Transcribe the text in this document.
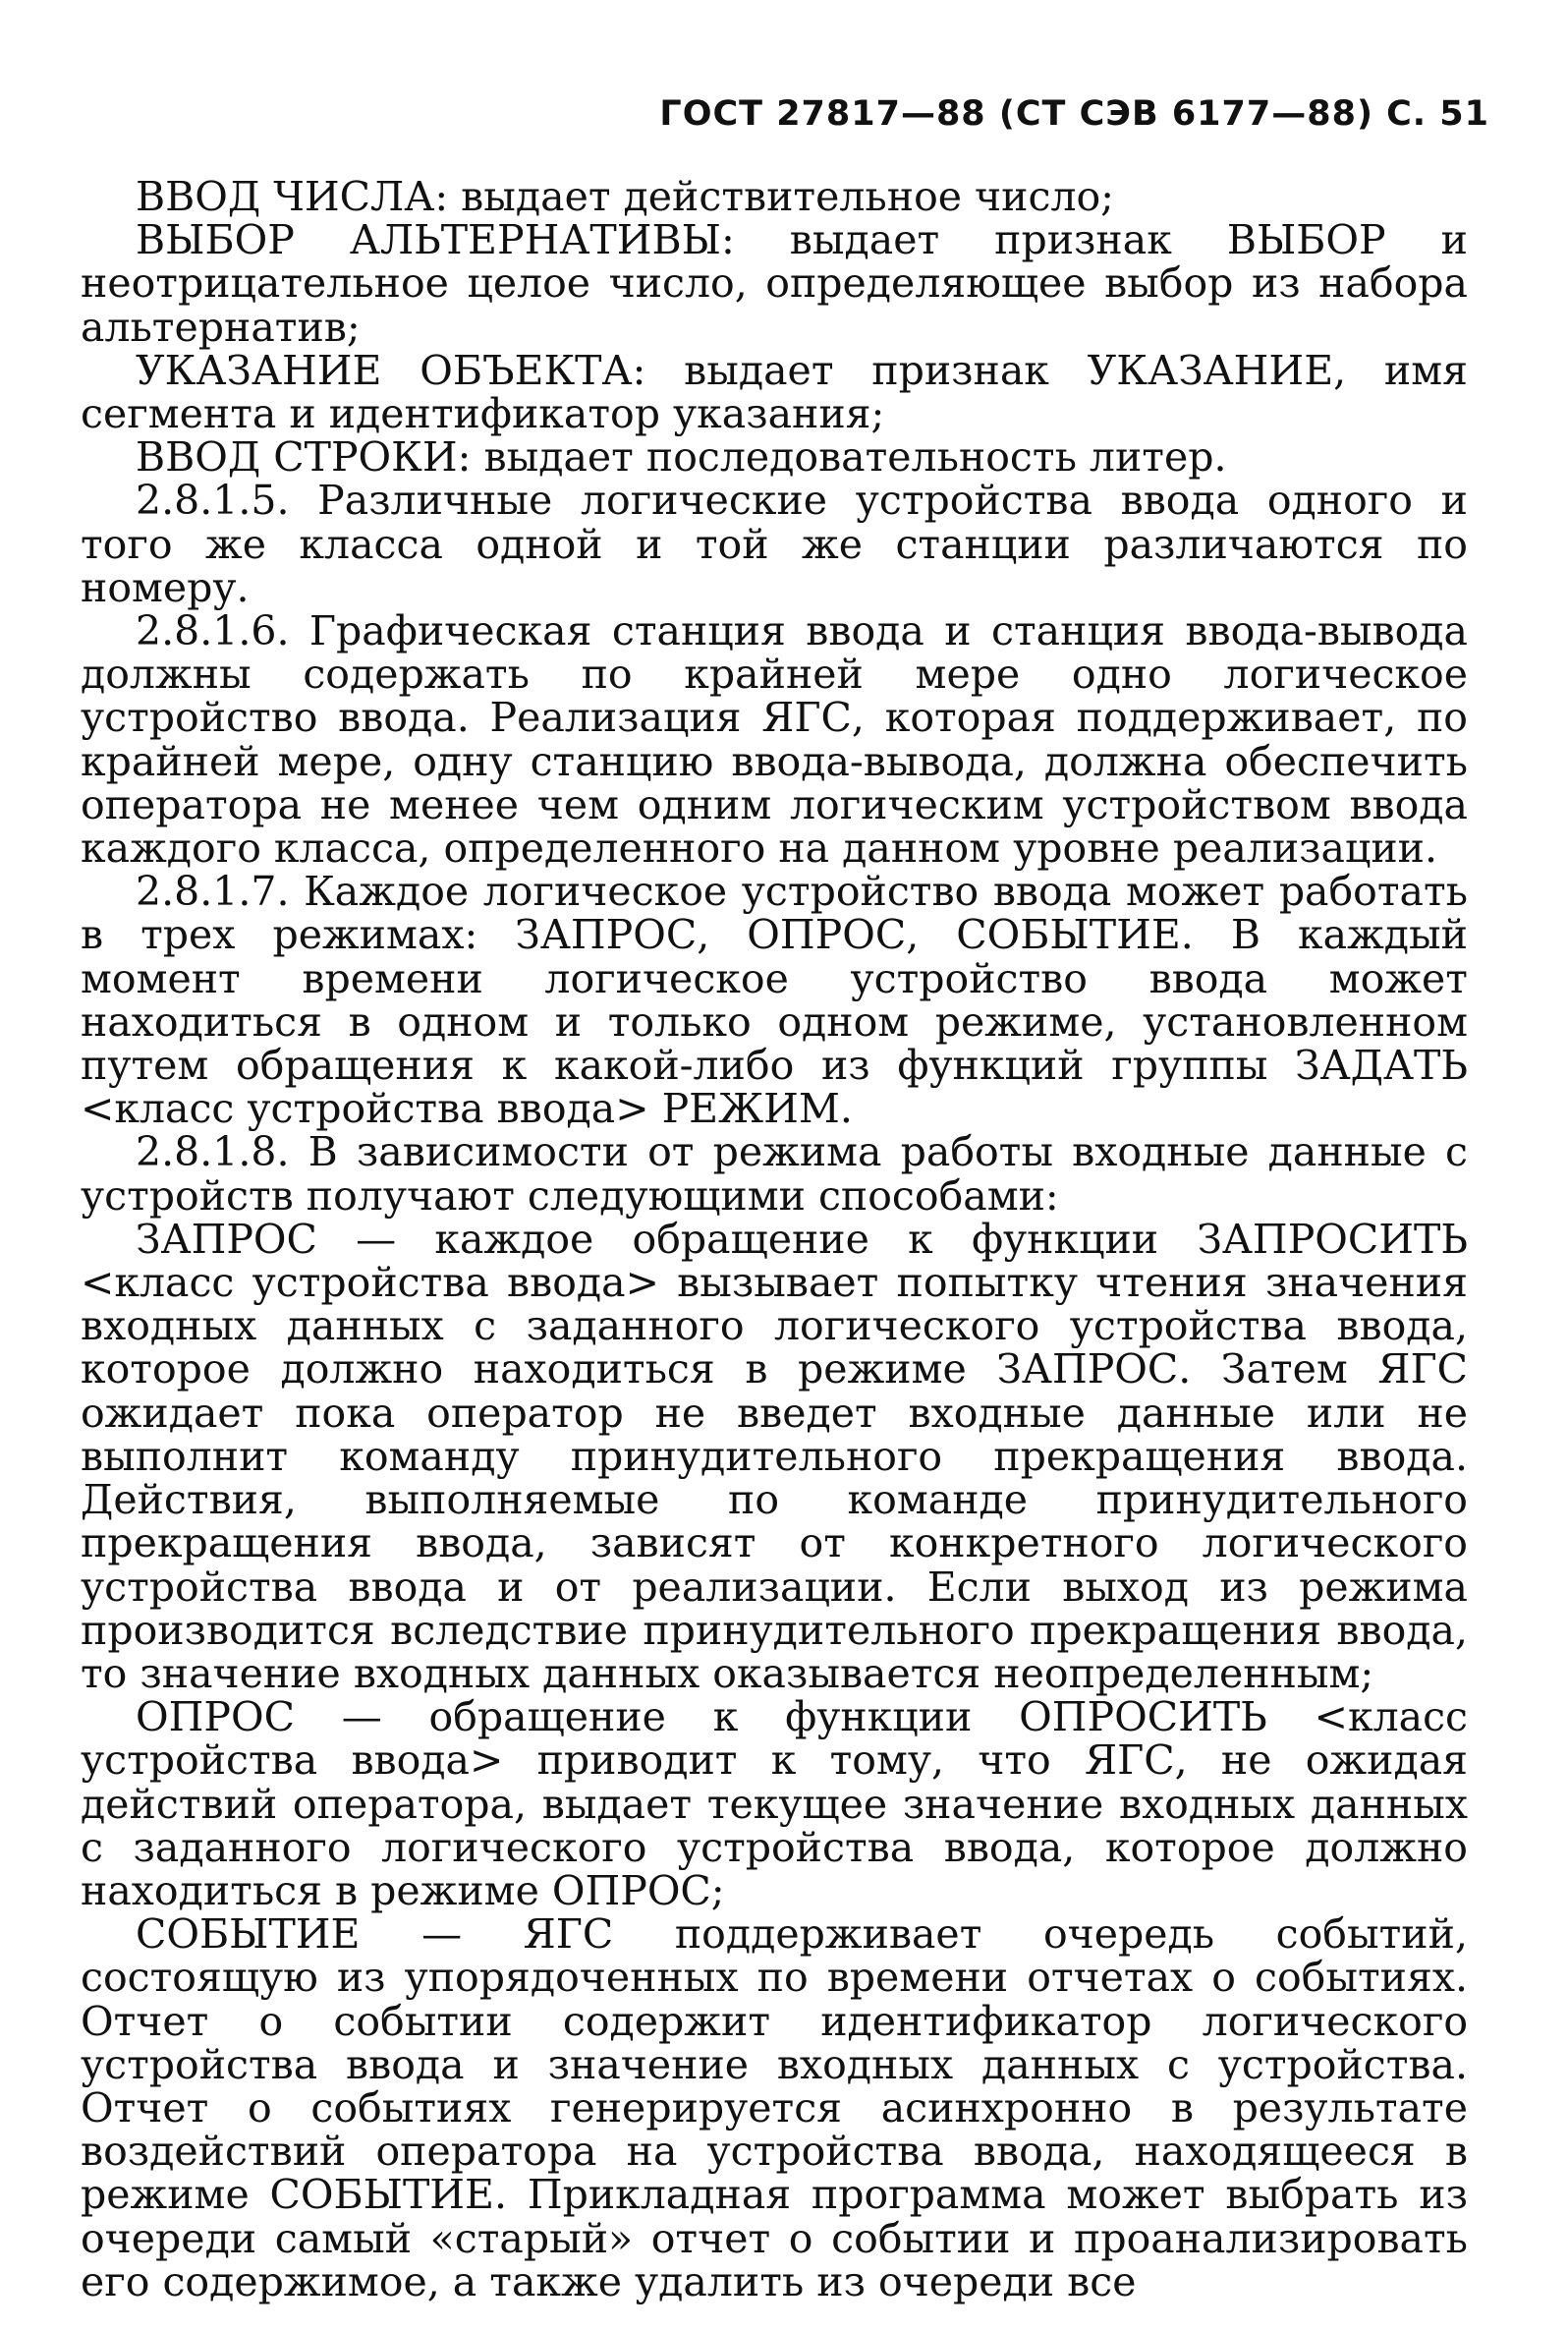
ГОСТ 27817—88 (СТ СЭВ 6177—88) С. 51

ВВОД ЧИСЛА: выдает действительное число;

ВЫБОР АЛЬТЕРНАТИВЫ: выдает признак ВЫБОР и неотрицательное целое число, определяющее выбор из набора альтернатив;

УКАЗАНИЕ ОБЪЕКТА: выдает признак УКАЗАНИЕ, имя сегмента и идентификатор указания;

ВВОД СТРОКИ: выдает последовательность литер.

2.8.1.5. Различные логические устройства ввода одного и того же класса одной и той же станции различаются по номеру.

2.8.1.6. Графическая станция ввода и станция ввода-вывода должны содержать по крайней мере одно логическое устройство ввода. Реализация ЯГС, которая поддерживает, по крайней мере, одну станцию ввода-вывода, должна обеспечить оператора не менее чем одним логическим устройством ввода каждого класса, определенного на данном уровне реализации.

2.8.1.7. Каждое логическое устройство ввода может работать в трех режимах: ЗАПРОС, ОПРОС, СОБЫТИЕ. В каждый момент времени логическое устройство ввода может находиться в одном и только одном режиме, установленном путем обращения к какой-либо из функций группы ЗАДАТЬ <класс устройства ввода> РЕЖИМ.

2.8.1.8. В зависимости от режима работы входные данные с устройств получают следующими способами:

ЗАПРОС — каждое обращение к функции ЗАПРОСИТЬ <класс устройства ввода> вызывает попытку чтения значения входных данных с заданного логического устройства ввода, которое должно находиться в режиме ЗАПРОС. Затем ЯГС ожидает пока оператор не введет входные данные или не выполнит команду принудительного прекращения ввода. Действия, выполняемые по команде принудительного прекращения ввода, зависят от конкретного логического устройства ввода и от реализации. Если выход из режима производится вследствие принудительного прекращения ввода, то значение входных данных оказывается неопределенным;

ОПРОС — обращение к функции ОПРОСИТЬ <класс устройства ввода> приводит к тому, что ЯГС, не ожидая действий оператора, выдает текущее значение входных данных с заданного логического устройства ввода, которое должно находиться в режиме ОПРОС;

СОБЫТИЕ — ЯГС поддерживает очередь событий, состоящую из упорядоченных по времени отчетах о событиях. Отчет о событии содержит идентификатор логического устройства ввода и значение входных данных с устройства. Отчет о событиях генерируется асинхронно в результате воздействий оператора на устройства ввода, находящееся в режиме СОБЫТИЕ. Прикладная программа может выбрать из очереди самый «старый» отчет о событии и проанализировать его содержимое, а также удалить из очереди все
